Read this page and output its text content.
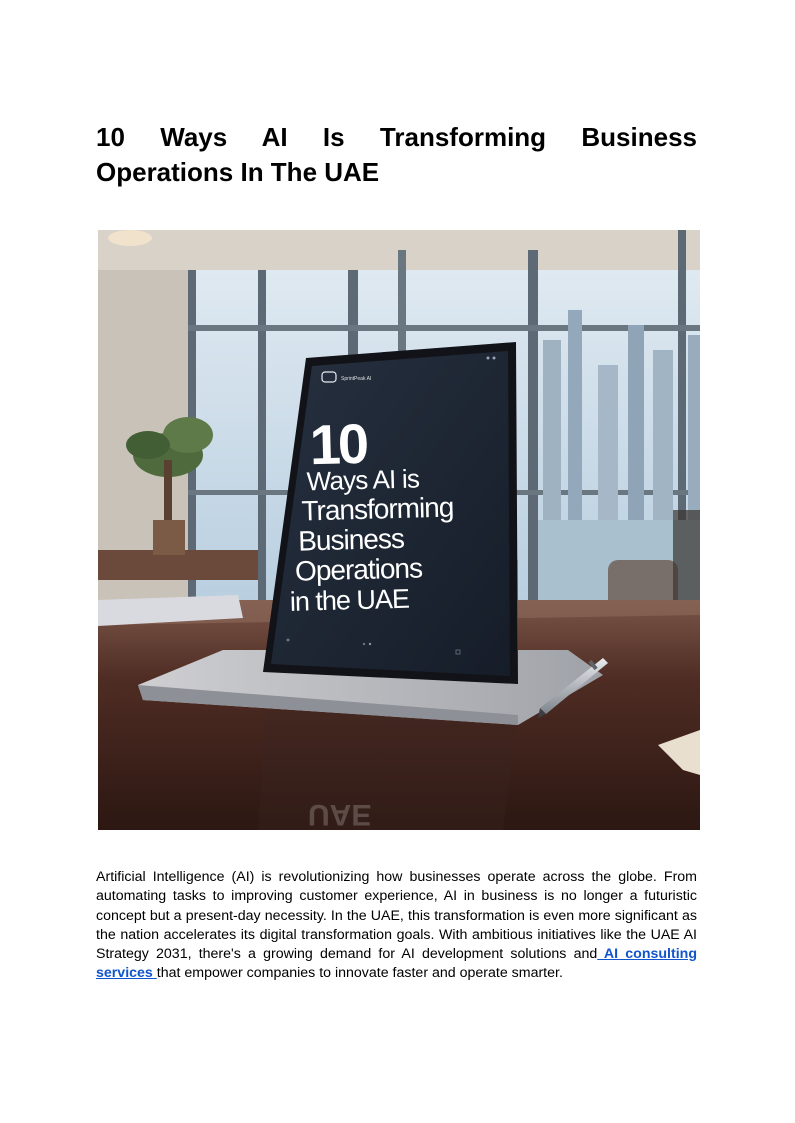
10 Ways AI Is Transforming Business Operations In The UAE
UAE
Business
SprintPeak AI
10
Ways AI is
Transforming
Business
Operations
in the UAE

Artificial Intelligence (AI) is revolutionizing how businesses operate across the globe. From automating tasks to improving customer experience, AI in business is no longer a futuristic concept but a present-day necessity. In the UAE, this transformation is even more significant as the nation accelerates its digital transformation goals. With ambitious initiatives like the UAE AI Strategy 2031, there's a growing demand for AI development solutions and AI consulting services that empower companies to innovate faster and operate smarter.
